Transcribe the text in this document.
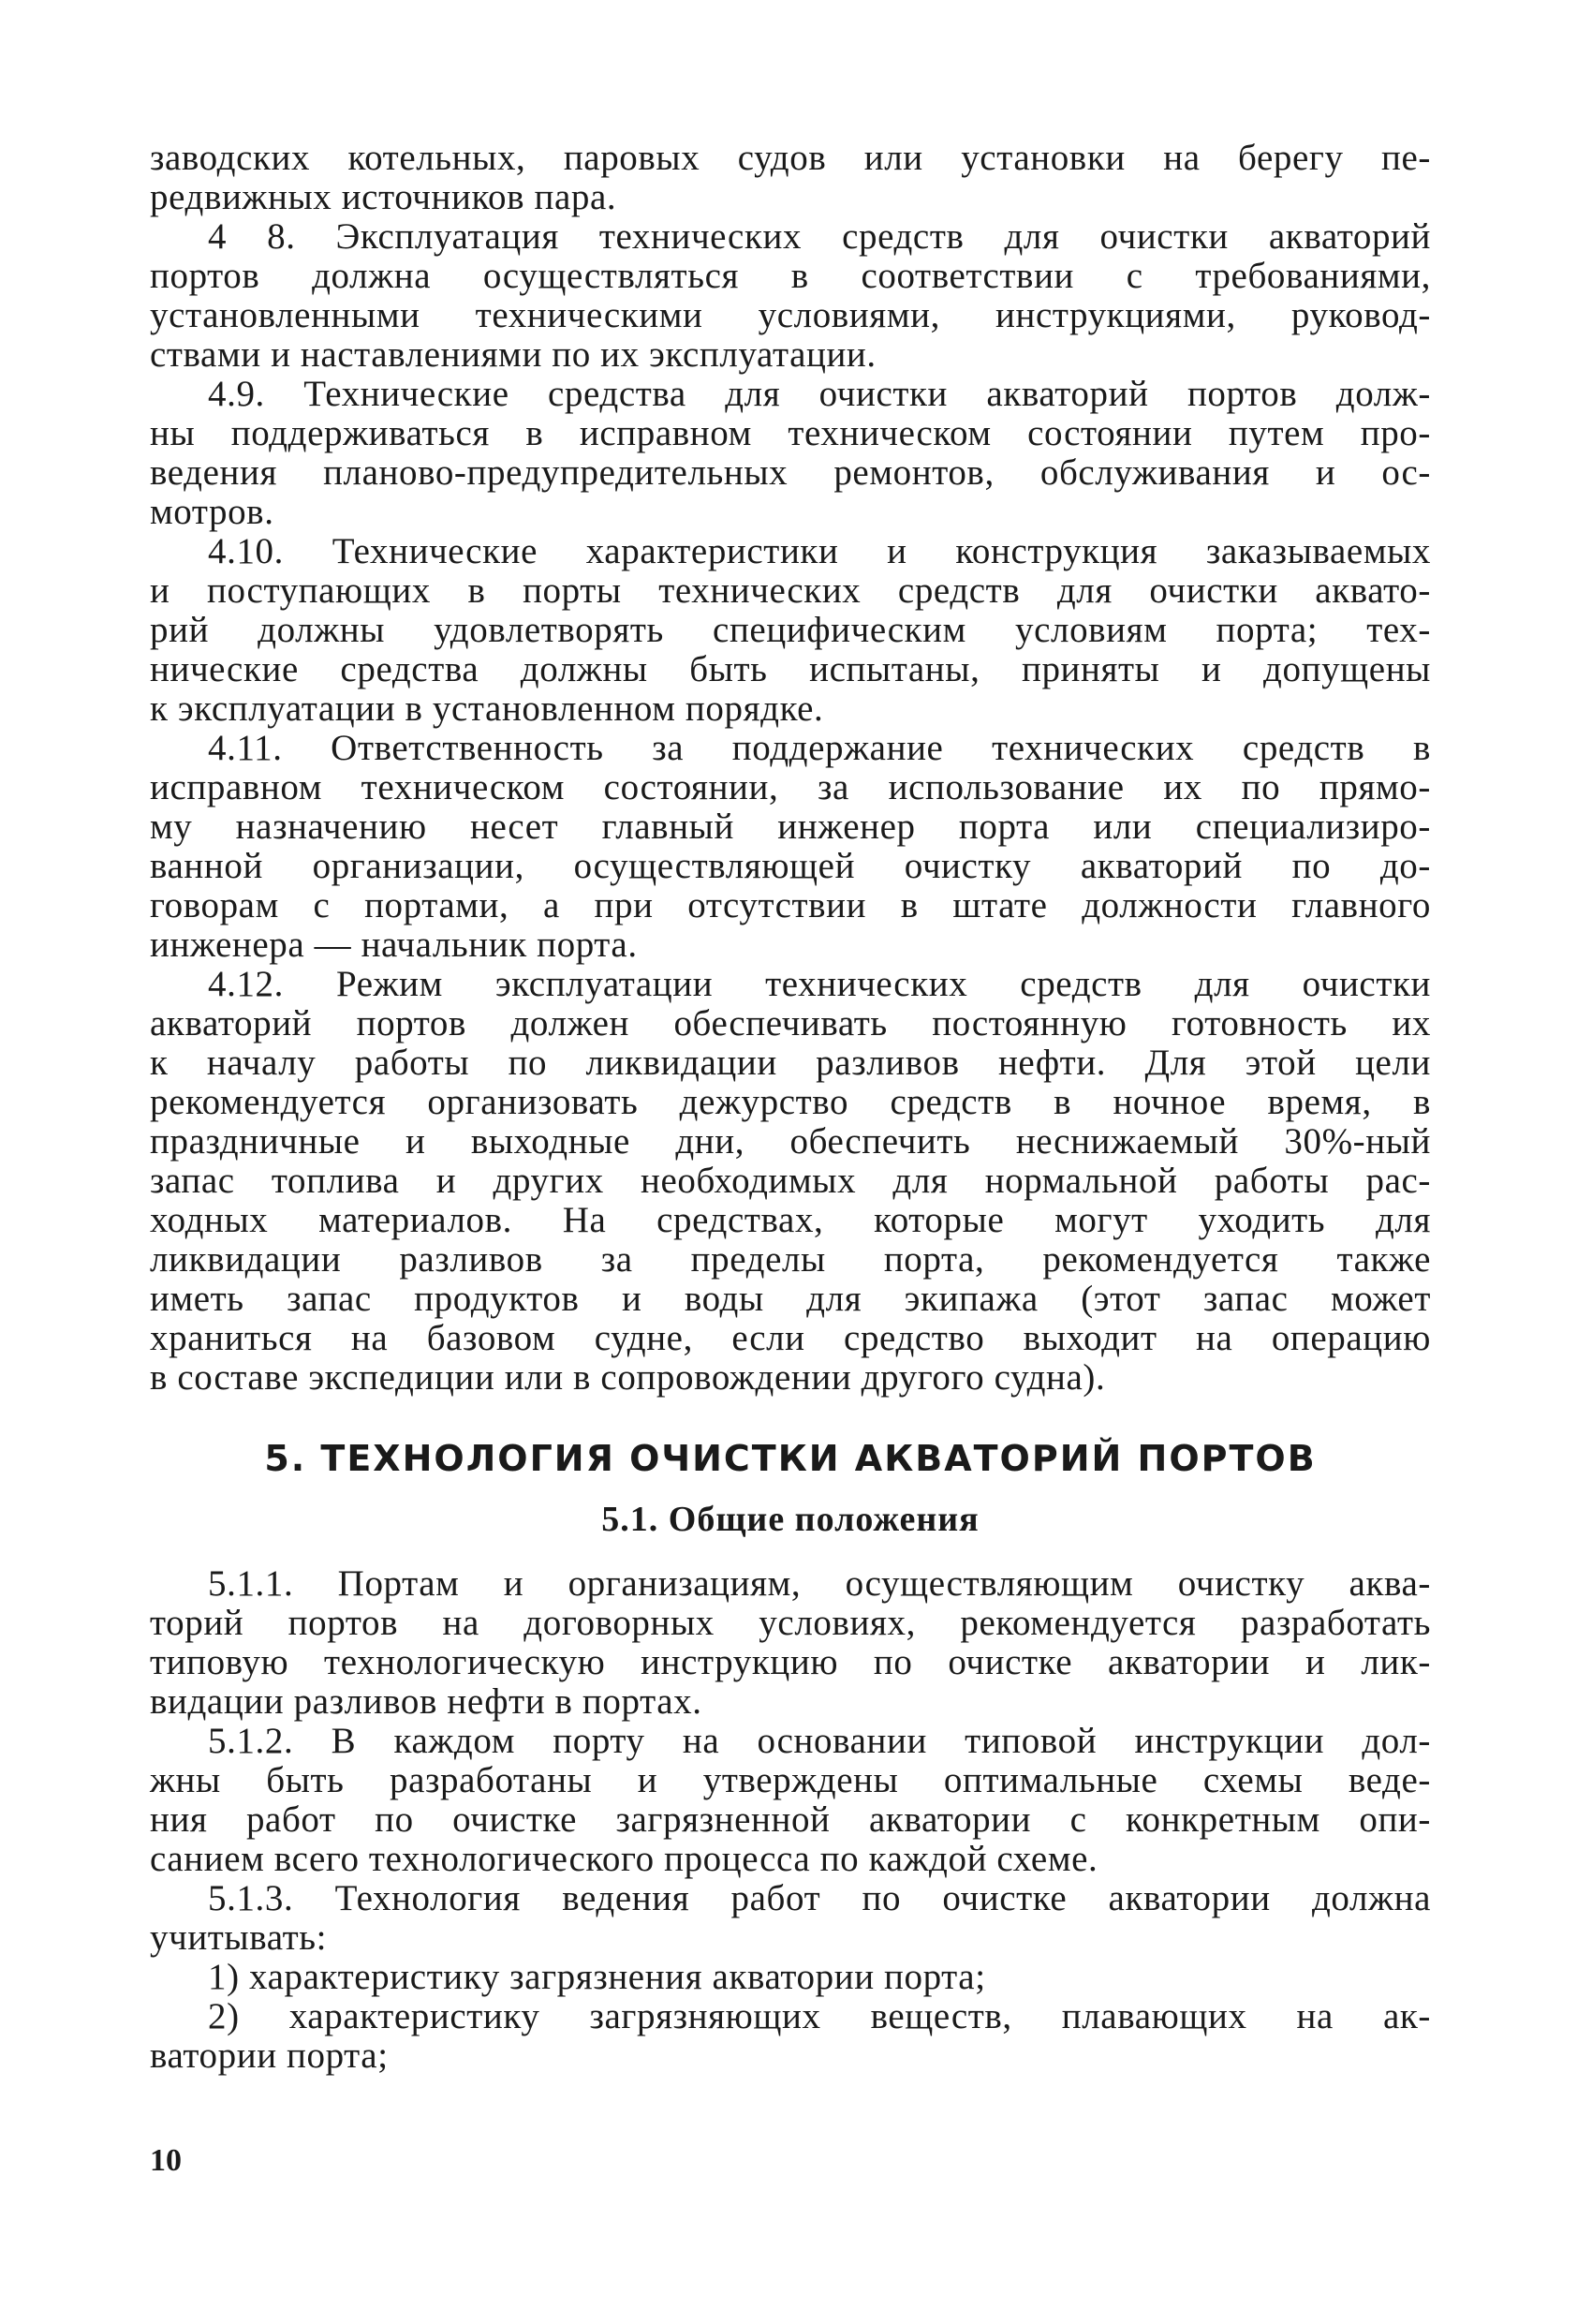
заводских котельных, паровых судов или установки на берегу пе-
редвижных источников пара.
4 8. Эксплуатация технических средств для очистки акваторий
портов должна осуществляться в соответствии с требованиями,
установленными техническими условиями, инструкциями, руковод-
ствами и наставлениями по их эксплуатации.
4.9. Технические средства для очистки акваторий портов долж-
ны поддерживаться в исправном техническом состоянии путем про-
ведения планово-предупредительных ремонтов, обслуживания и ос-
мотров.
4.10. Технические характеристики и конструкция заказываемых
и поступающих в порты технических средств для очистки аквато-
рий должны удовлетворять специфическим условиям порта; тех-
нические средства должны быть испытаны, приняты и допущены
к эксплуатации в установленном порядке.
4.11. Ответственность за поддержание технических средств в
исправном техническом состоянии, за использование их по прямо-
му назначению несет главный инженер порта или специализиро-
ванной организации, осуществляющей очистку акваторий по до-
говорам с портами, а при отсутствии в штате должности главного
инженера — начальник порта.
4.12. Режим эксплуатации технических средств для очистки
акваторий портов должен обеспечивать постоянную готовность их
к началу работы по ликвидации разливов нефти. Для этой цели
рекомендуется организовать дежурство средств в ночное время, в
праздничные и выходные дни, обеспечить неснижаемый 30%-ный
запас топлива и других необходимых для нормальной работы рас-
ходных материалов. На средствах, которые могут уходить для
ликвидации разливов за пределы порта, рекомендуется также
иметь запас продуктов и воды для экипажа (этот запас может
храниться на базовом судне, если средство выходит на операцию
в составе экспедиции или в сопровождении другого судна).
5. ТЕХНОЛОГИЯ ОЧИСТКИ АКВАТОРИЙ ПОРТОВ
5.1. Общие положения
5.1.1. Портам и организациям, осуществляющим очистку аква-
торий портов на договорных условиях, рекомендуется разработать
типовую технологическую инструкцию по очистке акватории и лик-
видации разливов нефти в портах.
5.1.2. В каждом порту на основании типовой инструкции дол-
жны быть разработаны и утверждены оптимальные схемы веде-
ния работ по очистке загрязненной акватории с конкретным опи-
санием всего технологического процесса по каждой схеме.
5.1.3. Технология ведения работ по очистке акватории должна
учитывать:
1) характеристику загрязнения акватории порта;
2) характеристику загрязняющих веществ, плавающих на ак-
ватории порта;
10
